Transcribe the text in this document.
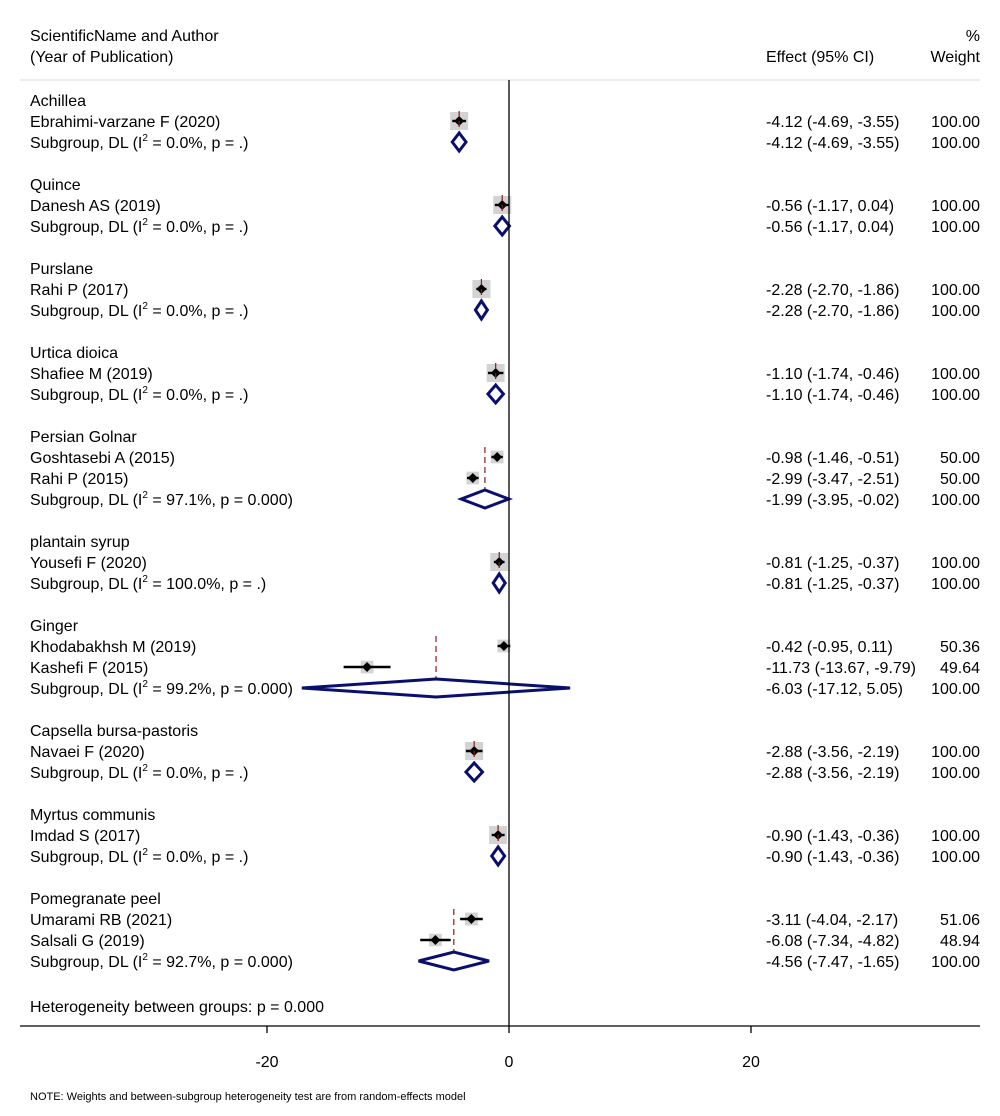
ScientificName and Author
(Year of Publication)	Effect (95% CI)
%
Weight
Achillea
Ebrahimi-varzane F (2020)	-4.12 (-4.69, -3.55) 100.00
Subgroup, DL ($I^2 = 0.0\%$, p = .)	-4.12 (-4.69, -3.55) 100.00
Quince
Danesh AS (2019)	-0.56 (-1.17, 0.04) 100.00
Subgroup, DL ($I^2 = 0.0\%$, p = .)	-0.56 (-1.17, 0.04) 100.00
Purslane
Rahi P (2017)	-2.28 (-2.70, -1.86) 100.00
Subgroup, DL ($I^2 = 0.0\%$, p = .)	-2.28 (-2.70, -1.86) 100.00
Urtica dioica
Shafiee M (2019)	-1.10 (-1.74, -0.46) 100.00
Subgroup, DL ($I^2 = 0.0\%$, p = .)	-1.10 (-1.74, -0.46) 100.00
Persian Golnar
Goshtasebi A (2015)	-0.98 (-1.46, -0.51)	50.00
Rahi P (2015)	-2.99 (-3.47, -2.51)	50.00
Subgroup, DL ($I^2 = 97.1\%$, p = 0.000)	-1.99 (-3.95, -0.02) 100.00
plantain syrup
Yousefi F (2020)	-0.81 (-1.25, -0.37) 100.00
Subgroup, DL ($I^2 = 100.0\%$, p = .)	-0.81 (-1.25, -0.37) 100.00
Ginger
Khodabakhsh M (2019)	-0.42 (-0.95, 0.11)	50.36
Kashefi F (2015)	-11.73 (-13.67, -9.79) 49.64
Subgroup, DL ($I^2 = 99.2\%$, p = 0.000)	-6.03 (-17.12, 5.05) 100.00
Capsella bursa-pastoris
Navaei F (2020)	-2.88 (-3.56, -2.19) 100.00
Subgroup, DL ($I^2 = 0.0\%$, p = .)	-2.88 (-3.56, -2.19) 100.00
Myrtus communis
Imdad S (2017)	-0.90 (-1.43, -0.36) 100.00
Subgroup, DL ($I^2 = 0.0\%$, p = .)	-0.90 (-1.43, -0.36) 100.00
Pomegranate peel
Umarami RB (2021)	-3.11 (-4.04, -2.17)	51.06
Salsali G (2019)	-6.08 (-7.34, -4.82)	48.94
Subgroup, DL ($I^2 = 92.7\%$, p = 0.000)	-4.56 (-7.47, -1.65) 100.00
Heterogeneity between groups: p = 0.000
-20	0	20
NOTE: Weights and between-subgroup heterogeneity test are from random-effects model
